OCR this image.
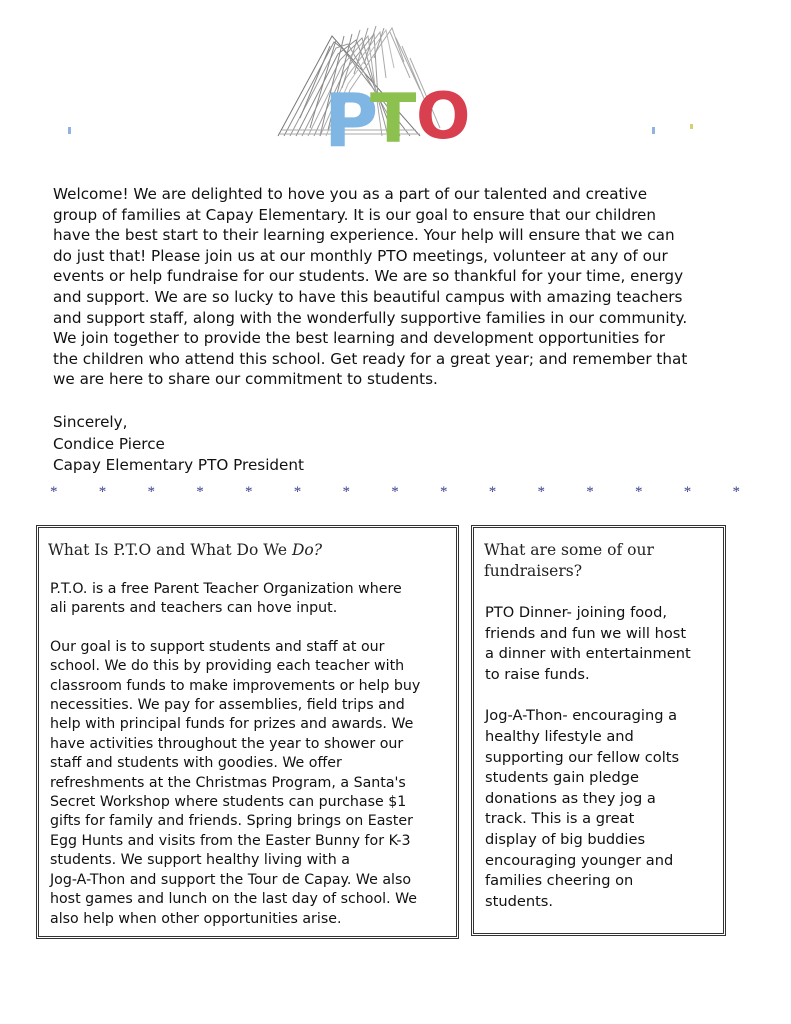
P
T O
Welcome! We are delighted to hove you as a part of our talented and creative
group of families at Capay Elementary. It is our goal to ensure that our children
have the best start to their learning experience. Your help will ensure that we can
do just that! Please join us at our monthly PTO meetings, volunteer at any of our
events or help fundraise for our students. We are so thankful for your time, energy
and support. We are so lucky to have this beautiful campus with amazing teachers
and support staff, along with the wonderfully supportive families in our community.
We join together to provide the best learning and development opportunities for
the children who attend this school. Get ready for a great year; and remember that
we are here to share our commitment to students.
Sincerely,
Condice Pierce
Capay Elementary PTO President
*	*	*	*	*	*	*	*	*	*	*	*	*	*	*
What Is P.T.O and What Do We Do?

P.T.O. is a free Parent Teacher Organization where
ali parents and teachers can hove input.

Our goal is to support students and staff at our
school. We do this by providing each teacher with
classroom funds to make improvements or help buy
necessities. We pay for assemblies, field trips and
help with principal funds for prizes and awards. We
have activities throughout the year to shower our
staff and students with goodies. We offer
refreshments at the Christmas Program, a Santa's
Secret Workshop where students can purchase $1
gifts for family and friends. Spring brings on Easter
Egg Hunts and visits from the Easter Bunny for K-3
students. We support healthy living with a
Jog-A-Thon and support the Tour de Capay. We also
host games and lunch on the last day of school. We
also help when other opportunities arise.

What are some of our
fundraisers?

PTO Dinner- joining food,
friends and fun we will host
a dinner with entertainment
to raise funds.

Jog-A-Thon- encouraging a
healthy lifestyle and
supporting our fellow colts
students gain pledge
donations as they jog a
track. This is a great
display of big buddies
encouraging younger and
families cheering on
students.
